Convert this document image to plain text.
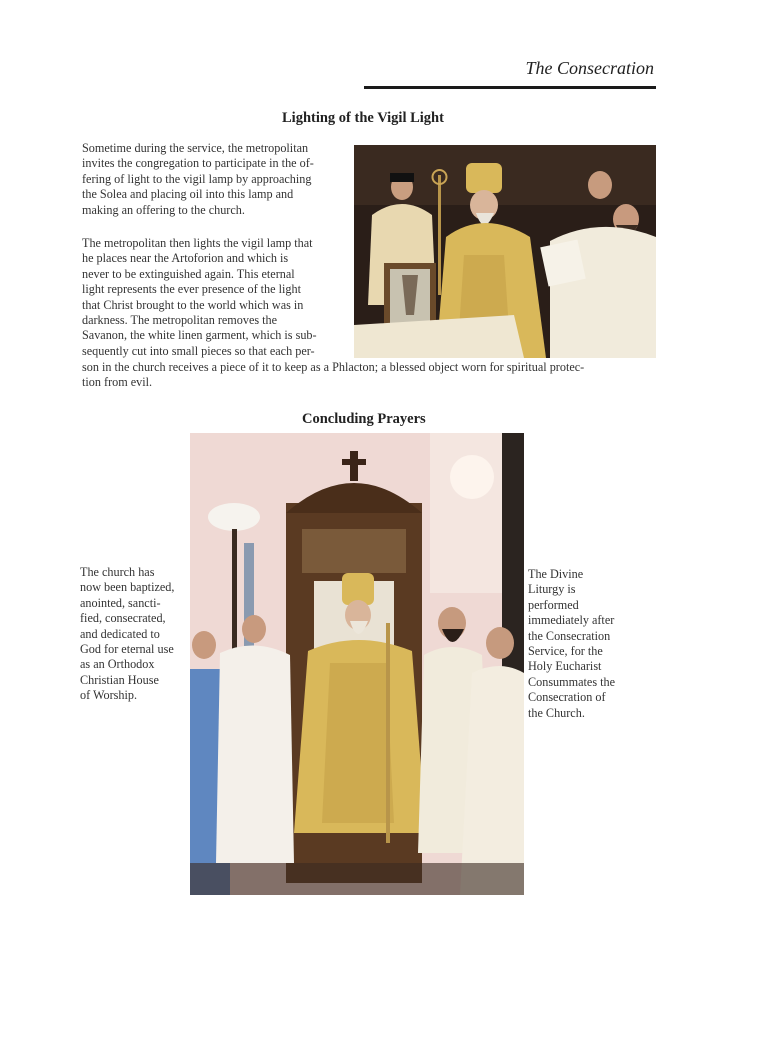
The Consecration
Lighting of the Vigil Light
Sometime during the service, the metropolitan
invites the congregation to participate in the of-
fering of light to the vigil lamp by approaching
the Solea and placing oil into this lamp and
making an offering to the church.
The metropolitan then lights the vigil lamp that
he places near the Artoforion and which is
never to be extinguished again. This eternal
light represents the ever presence of the light
that Christ brought to the world which was in
darkness. The metropolitan removes the
Savanon, the white linen garment, which is sub-
sequently cut into small pieces so that each per-
son in the church receives a piece of it to keep as a Phlacton; a blessed object worn for spiritual protec-
tion from evil.
Concluding Prayers
The church has
now been baptized,
anointed, sancti-
fied, consecrated,
and dedicated to
God for eternal use
as an Orthodox
Christian House
of Worship.
The Divine
Liturgy is
performed
immediately after
the Consecration
Service, for the
Holy Eucharist
Consummates the
Consecration of
the Church.
